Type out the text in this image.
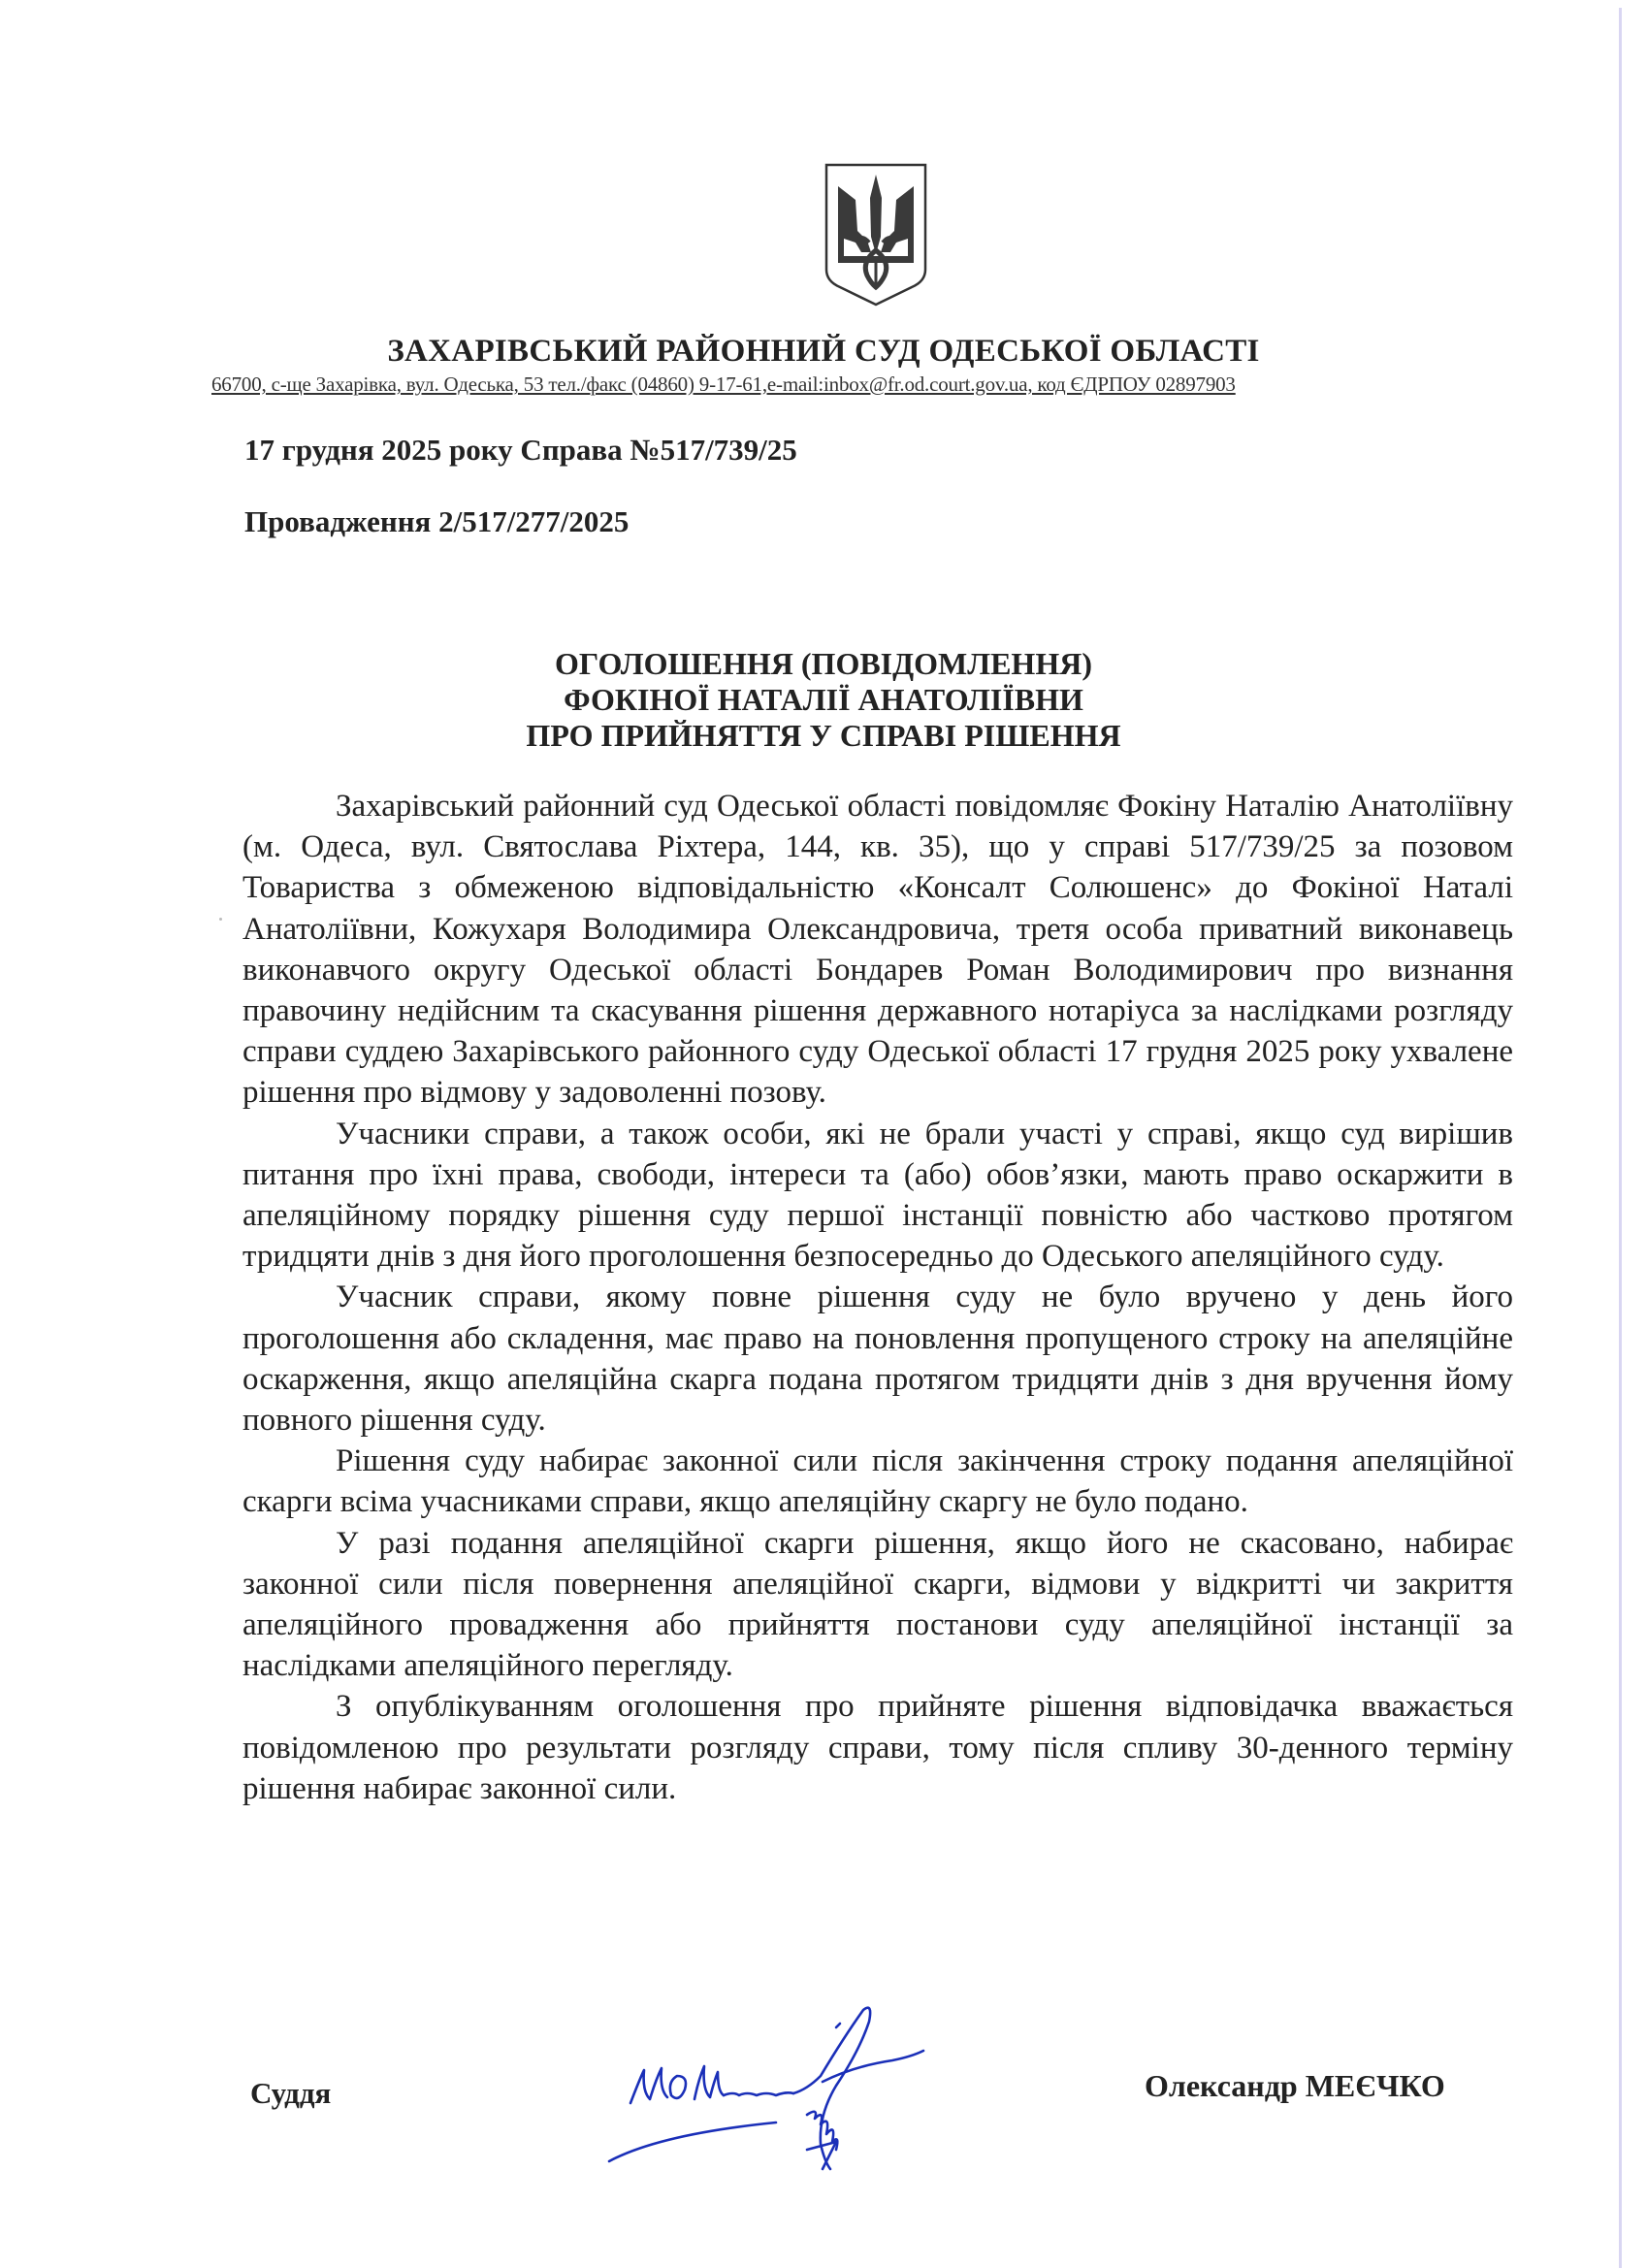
ЗАХАРІВСЬКИЙ РАЙОННИЙ СУД ОДЕСЬКОЇ ОБЛАСТІ
66700, с-ще Захарівка, вул. Одеська, 53 тел./факс (04860) 9-17-61,e-mail:inbox@fr.od.court.gov.ua, код ЄДРПОУ 02897903
17 грудня 2025 року Справа №517/739/25
Провадження 2/517/277/2025
ОГОЛОШЕННЯ (ПОВІДОМЛЕННЯ)
ФОКІНОЇ НАТАЛІЇ АНАТОЛІЇВНИ
ПРО ПРИЙНЯТТЯ У СПРАВІ РІШЕННЯ

Захарівський районний суд Одеської області повідомляє Фокіну Наталію Анатоліївну (м. Одеса, вул. Святослава Ріхтера, 144, кв. 35), що у справі 517/739/25 за позовом Товариства з обмеженою відповідальністю «Консалт Солюшенс» до Фокіної Наталі Анатоліївни, Кожухаря Володимира Олександровича, третя особа приватний виконавець виконавчого округу Одеської області Бондарев Роман Володимирович про визнання правочину недійсним та скасування рішення державного нотаріуса за наслідками розгляду справи суддею Захарівського районного суду Одеської області 17 грудня 2025 року ухвалене рішення про відмову у задоволенні позову.

Учасники справи, а також особи, які не брали участі у справі, якщо суд вирішив питання про їхні права, свободи, інтереси та (або) обов’язки, мають право оскаржити в апеляційному порядку рішення суду першої інстанції повністю або частково протягом тридцяти днів з дня його проголошення безпосередньо до Одеського апеляційного суду.

Учасник справи, якому повне рішення суду не було вручено у день його проголошення або складення, має право на поновлення пропущеного строку на апеляційне оскарження, якщо апеляційна скарга подана протягом тридцяти днів з дня вручення йому повного рішення суду.

Рішення суду набирає законної сили після закінчення строку подання апеляційної скарги всіма учасниками справи, якщо апеляційну скаргу не було подано.

У разі подання апеляційної скарги рішення, якщо його не скасовано, набирає законної сили після повернення апеляційної скарги, відмови у відкритті чи закриття апеляційного провадження або прийняття постанови суду апеляційної інстанції за наслідками апеляційного перегляду.

З опублікуванням оголошення про прийняте рішення відповідачка вважається повідомленою про результати розгляду справи, тому після спливу 30-денного терміну рішення набирає законної сили.

Суддя	Олександр МЕЄЧКО
